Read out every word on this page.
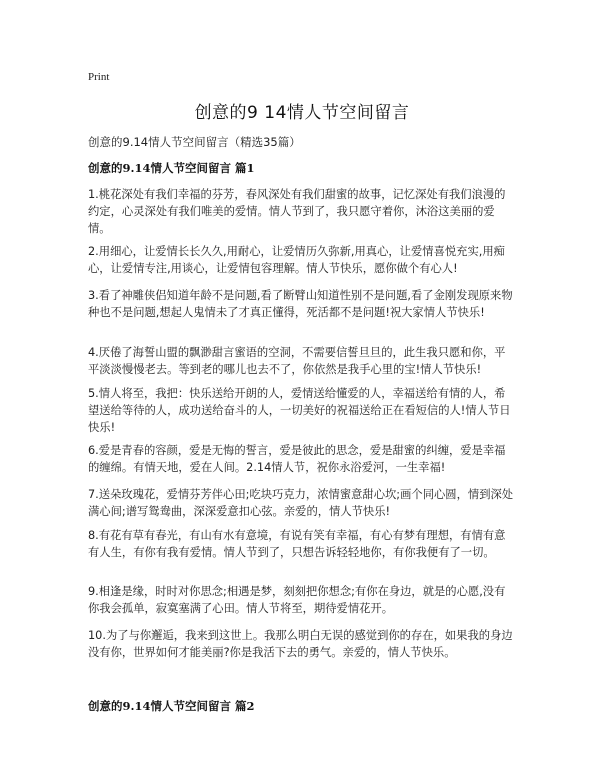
Print
创意的9 14情人节空间留言
创意的9.14情人节空间留言（精选35篇）
创意的9.14情人节空间留言 篇1
1.桃花深处有我们幸福的芬芳，春风深处有我们甜蜜的故事，记忆深处有我们浪漫的约定，心灵深处有我们唯美的爱情。情人节到了，我只愿守着你，沐浴这美丽的爱情。
2.用细心，让爱情长长久久,用耐心，让爱情历久弥新,用真心，让爱情喜悦充实,用痴心，让爱情专注,用谈心，让爱情包容理解。情人节快乐，愿你做个有心人!
3.看了神雕侠侣知道年龄不是问题,看了断臂山知道性别不是问题,看了金刚发现原来物种也不是问题,想起人鬼情未了才真正懂得，死活都不是问题!祝大家情人节快乐!
4.厌倦了海誓山盟的飘渺甜言蜜语的空洞，不需要信誓旦旦的，此生我只愿和你，平平淡淡慢慢老去。等到老的哪儿也去不了，你依然是我手心里的宝!情人节快乐!
5.情人将至，我把：快乐送给开朗的人，爱情送给懂爱的人，幸福送给有情的人，希望送给等待的人，成功送给奋斗的人，一切美好的祝福送给正在看短信的人!情人节日快乐!
6.爱是青春的容颜，爱是无悔的誓言，爱是彼此的思念，爱是甜蜜的纠缠，爱是幸福的缠绵。有情天地，爱在人间。2.14情人节，祝你永浴爱河，一生幸福!
7.送朵玫瑰花，爱情芬芳伴心田;吃块巧克力，浓情蜜意甜心坎;画个同心圆，情到深处满心间;谱写鸳鸯曲，深深爱意扣心弦。亲爱的，情人节快乐!
8.有花有草有春光，有山有水有意境，有说有笑有幸福，有心有梦有理想，有情有意有人生，有你有我有爱情。情人节到了，只想告诉轻轻地你，有你我便有了一切。
9.相逢是缘，时时对你思念;相遇是梦，刻刻把你想念;有你在身边，就是的心愿,没有你我会孤单，寂寞塞满了心田。情人节将至，期待爱情花开。
10.为了与你邂逅，我来到这世上。我那么明白无误的感觉到你的存在，如果我的身边没有你，世界如何才能美丽?你是我活下去的勇气。亲爱的，情人节快乐。
创意的9.14情人节空间留言 篇2
